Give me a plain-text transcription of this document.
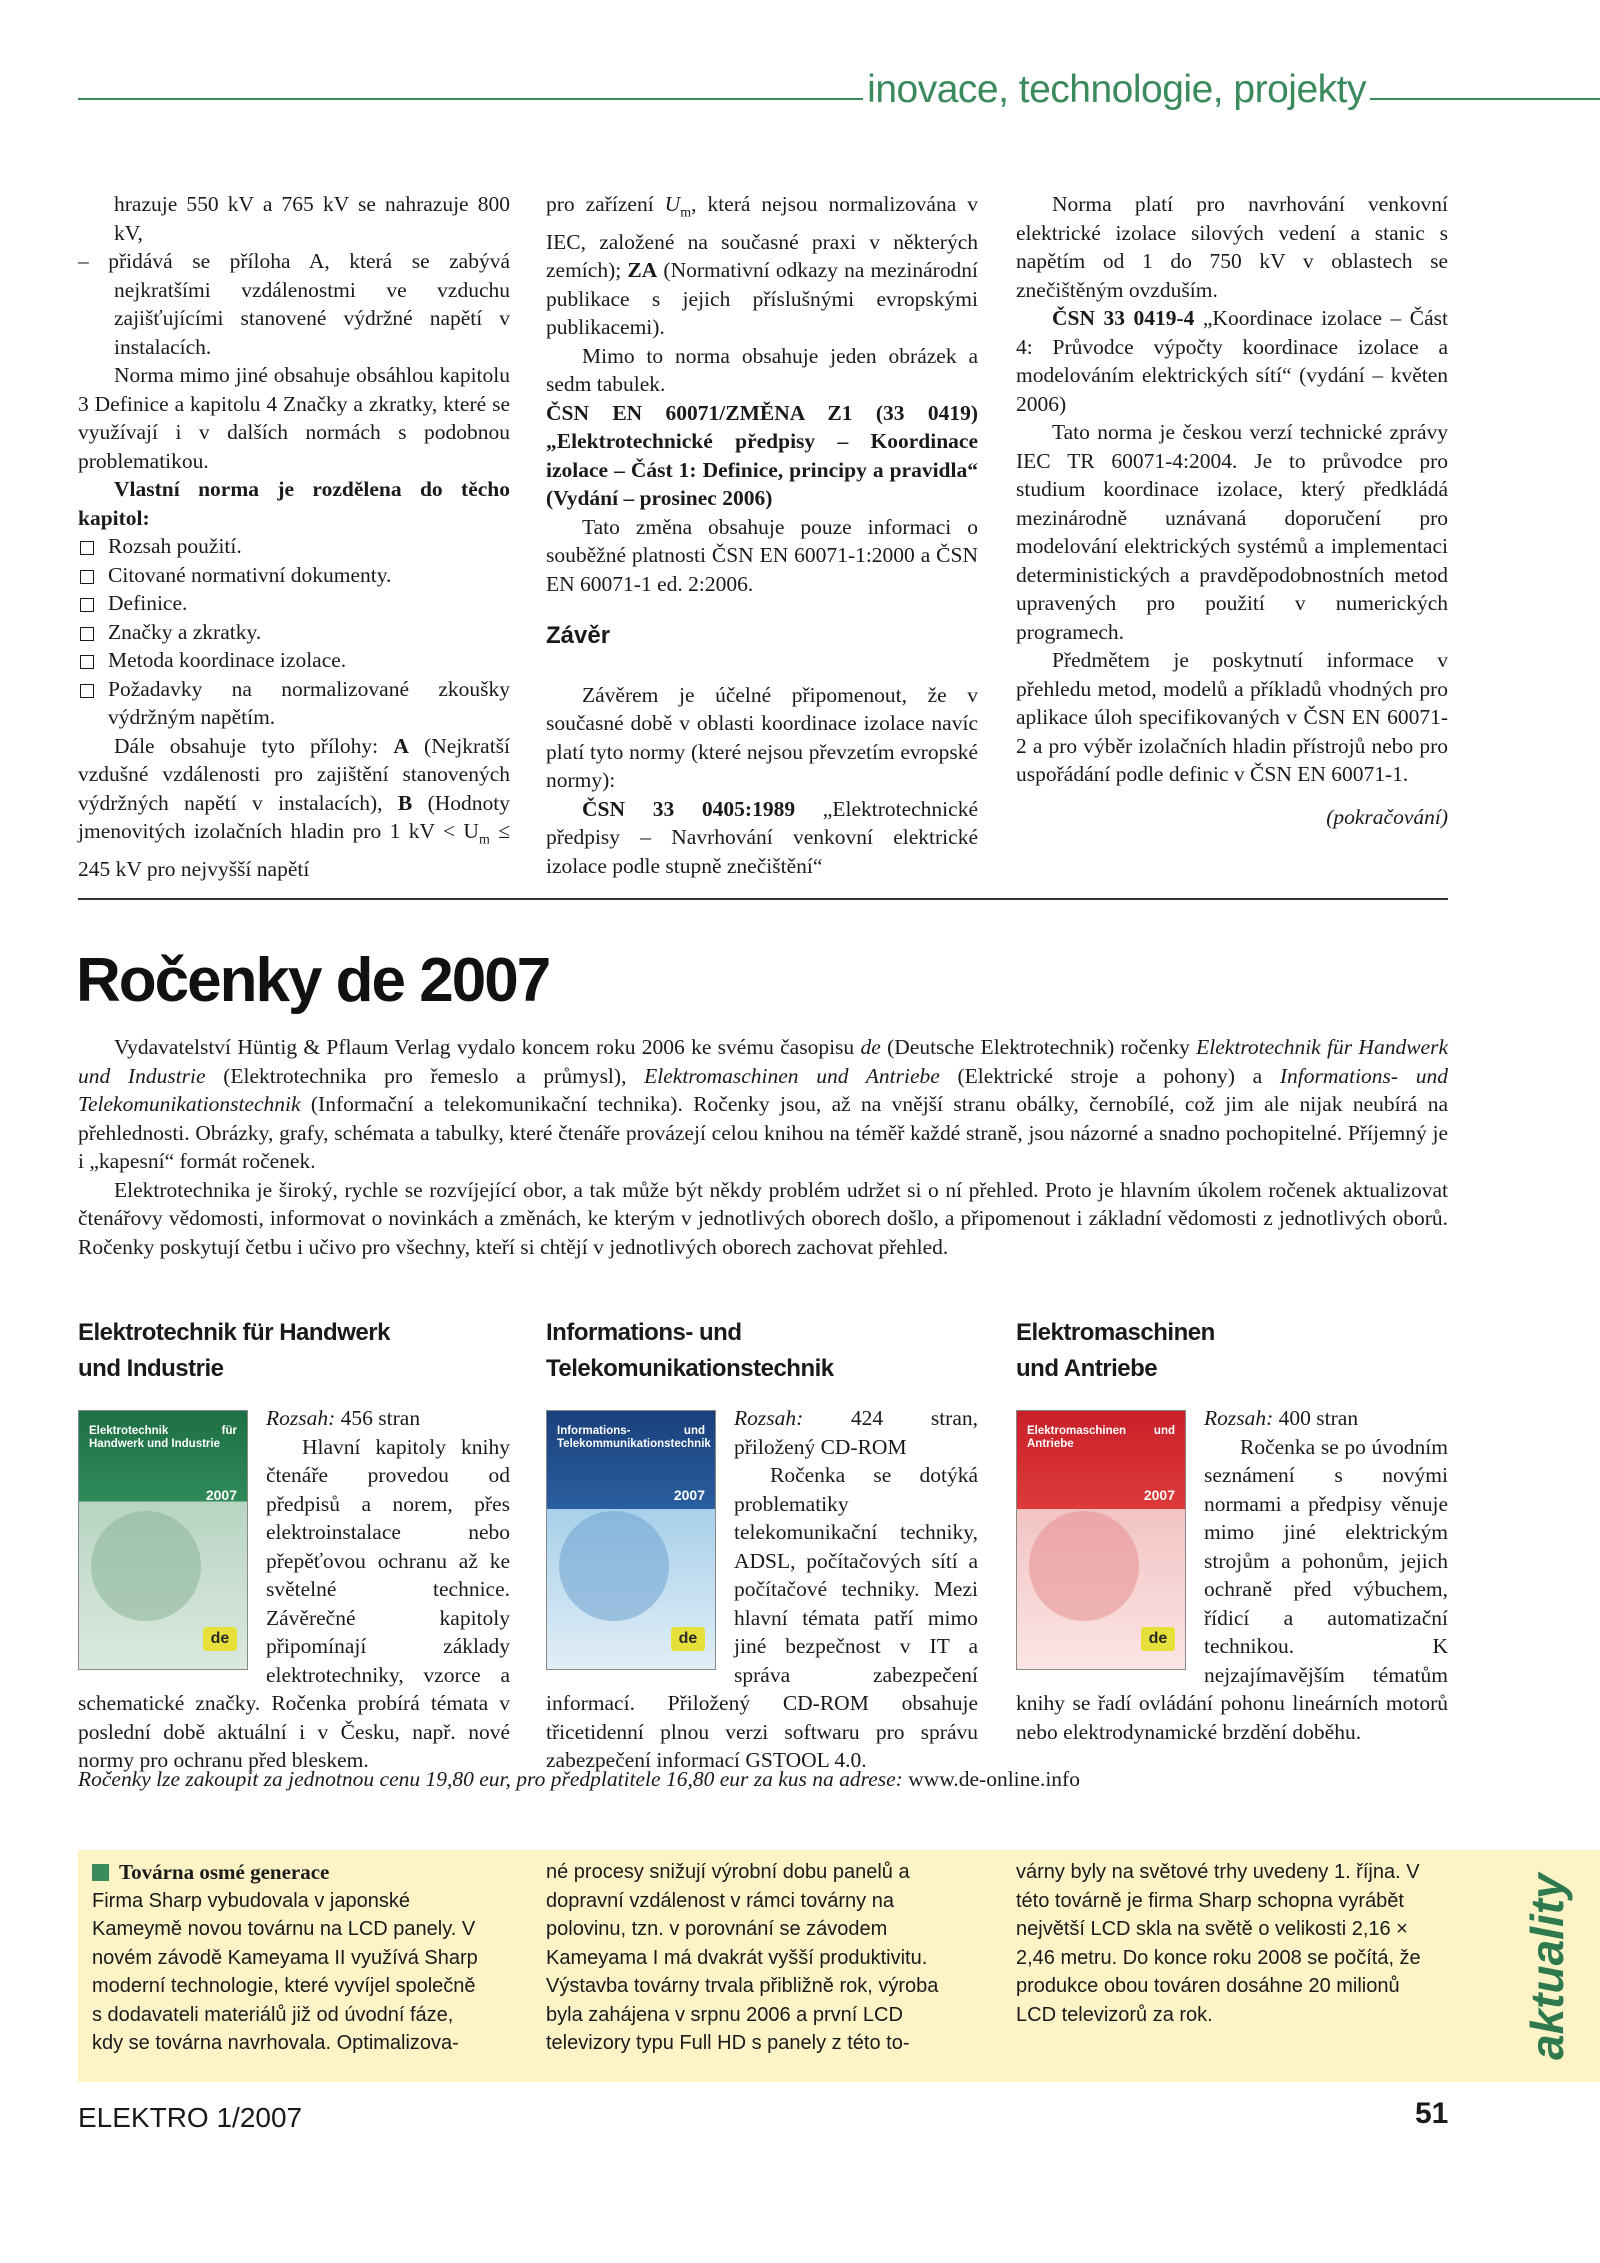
inovace, technologie, projekty

hrazuje 550 kV a 765 kV se nahrazuje 800 kV,

– přidává se příloha A, která se zabývá nejkratšími vzdálenostmi ve vzduchu zajišťujícími stanovené výdržné napětí v instalacích.

Norma mimo jiné obsahuje obsáhlou kapitolu 3 Definice a kapitolu 4 Značky a zkratky, které se využívají i v dalších normách s podobnou problematikou.

Vlastní norma je rozdělena do těcho kapitol:

Rozsah použití.

Citované normativní dokumenty.

Definice.

Značky a zkratky.

Metoda koordinace izolace.

Požadavky na normalizované zkoušky výdržným napětím.

Dále obsahuje tyto přílohy: A (Nejkratší vzdušné vzdálenosti pro zajištění stanovených výdržných napětí v instalacích), B (Hodnoty jmenovitých izolačních hladin pro 1 kV < $U_m \le 245$ kV pro nejvyšší napětí

pro zařízení $U_m$, která nejsou normalizována v IEC, založené na současné praxi v některých zemích); ZA (Normativní odkazy na mezinárodní publikace s jejich příslušnými evropskými publikacemi).

Mimo to norma obsahuje jeden obrázek a sedm tabulek.

ČSN EN 60071/ZMĚNA Z1 (33 0419) „Elektrotechnické předpisy – Koordinace izolace – Část 1: Definice, principy a pravidla“ (Vydání – prosinec 2006)

Tato změna obsahuje pouze informaci o souběžné platnosti ČSN EN 60071-1:2000 a ČSN EN 60071-1 ed. 2:2006.

Závěr

Závěrem je účelné připomenout, že v současné době v oblasti koordinace izolace navíc platí tyto normy (které nejsou převzetím evropské normy):

ČSN 33 0405:1989 „Elektrotechnické předpisy – Navrhování venkovní elektrické izolace podle stupně znečištění“

Norma platí pro navrhování venkovní elektrické izolace silových vedení a stanic s napětím od 1 do 750 kV v oblastech se znečištěným ovzduším.

ČSN 33 0419-4 „Koordinace izolace – Část 4: Průvodce výpočty koordinace izolace a modelováním elektrických sítí“ (vydání – květen 2006)

Tato norma je českou verzí technické zprávy IEC TR 60071-4:2004. Je to průvodce pro studium koordinace izolace, který předkládá mezinárodně uznávaná doporučení pro modelování elektrických systémů a implementaci deterministických a pravděpodobnostních metod upravených pro použití v numerických programech.

Předmětem je poskytnutí informace v přehledu metod, modelů a příkladů vhodných pro aplikace úloh specifikovaných v ČSN EN 60071-2 a pro výběr izolačních hladin přístrojů nebo pro uspořádání podle definic v ČSN EN 60071-1.

(pokračování)

Ročenky de 2007

Vydavatelství Hüntig & Pflaum Verlag vydalo koncem roku 2006 ke svému časopisu de (Deutsche Elektrotechnik) ročenky Elektrotechnik für Handwerk und Industrie (Elektrotechnika pro řemeslo a průmysl), Elektromaschinen und Antriebe (Elektrické stroje a pohony) a Informations- und Telekomunikationstechnik (Informační a telekomunikační technika). Ročenky jsou, až na vnější stranu obálky, černobílé, což jim ale nijak neubírá na přehlednosti. Obrázky, grafy, schémata a tabulky, které čtenáře provázejí celou knihou na téměř každé straně, jsou názorné a snadno pochopitelné. Příjemný je i „kapesní“ formát ročenek.

Elektrotechnika je široký, rychle se rozvíjející obor, a tak může být někdy problém udržet si o ní přehled. Proto je hlavním úkolem ročenek aktualizovat čtenářovy vědomosti, informovat o novinkách a změnách, ke kterým v jednotlivých oborech došlo, a připomenout i základní vědomosti z jednotlivých oborů. Ročenky poskytují četbu i učivo pro všechny, kteří si chtějí v jednotlivých oborech zachovat přehled.

Elektrotechnik für Handwerk
und Industrie
Elektrotechnik für Handwerk und Industrie
2007
de

Rozsah: 456 stran

Hlavní kapitoly knihy čtenáře provedou od předpisů a norem, přes elektroinstalace nebo přepěťovou ochranu až ke světelné technice. Závěrečné kapitoly připomínají základy elektrotechniky, vzorce a schematické značky. Ročenka probírá témata v poslední době aktuální i v Česku, např. nové normy pro ochranu před bleskem.

Informations- und
Telekomunikationstechnik
Informations- und Telekommunikationstechnik
2007
de

Rozsah: 424 stran, přiložený CD-ROM

Ročenka se dotýká problematiky telekomunikační techniky, ADSL, počítačových sítí a počítačové techniky. Mezi hlavní témata patří mimo jiné bezpečnost v IT a správa zabezpečení informací. Přiložený CD-ROM obsahuje třicetidenní plnou verzi softwaru pro správu zabezpečení informací GSTOOL 4.0.

Elektromaschinen
und Antriebe
Elektromaschinen und Antriebe
2007
de

Rozsah: 400 stran

Ročenka se po úvodním seznámení s novými normami a předpisy věnuje mimo jiné elektrickým strojům a pohonům, jejich ochraně před výbuchem, řídicí a automatizační technikou. K nejzajímavějším tématům knihy se řadí ovládání pohonu lineárních motorů nebo elektrodynamické brzdění doběhu.

Ročenky lze zakoupit za jednotnou cenu 19,80 eur, pro předplatitele 16,80 eur za kus na adrese: www.de-online.info
Továrna osmé generace
Firma Sharp vybudovala v japonské Kameymě novou továrnu na LCD panely. V novém závodě Kameyama II využívá Sharp moderní technologie, které vyvíjel společně s dodavateli materiálů již od úvodní fáze, kdy se továrna navrhovala. Optimalizova-
né procesy snižují výrobní dobu panelů a dopravní vzdálenost v rámci továrny na polovinu, tzn. v porovnání se závodem Kameyama I má dvakrát vyšší produktivitu. Výstavba továrny trvala přibližně rok, výroba byla zahájena v srpnu 2006 a první LCD televizory typu Full HD s panely z této to-
várny byly na světové trhy uvedeny 1. října. V této továrně je firma Sharp schopna vyrábět největší LCD skla na světě o velikosti 2,16 × 2,46 metru. Do konce roku 2008 se počítá, že produkce obou továren dosáhne 20 milionů LCD televizorů za rok.	aktuality
ELEKTRO 1/2007	51
